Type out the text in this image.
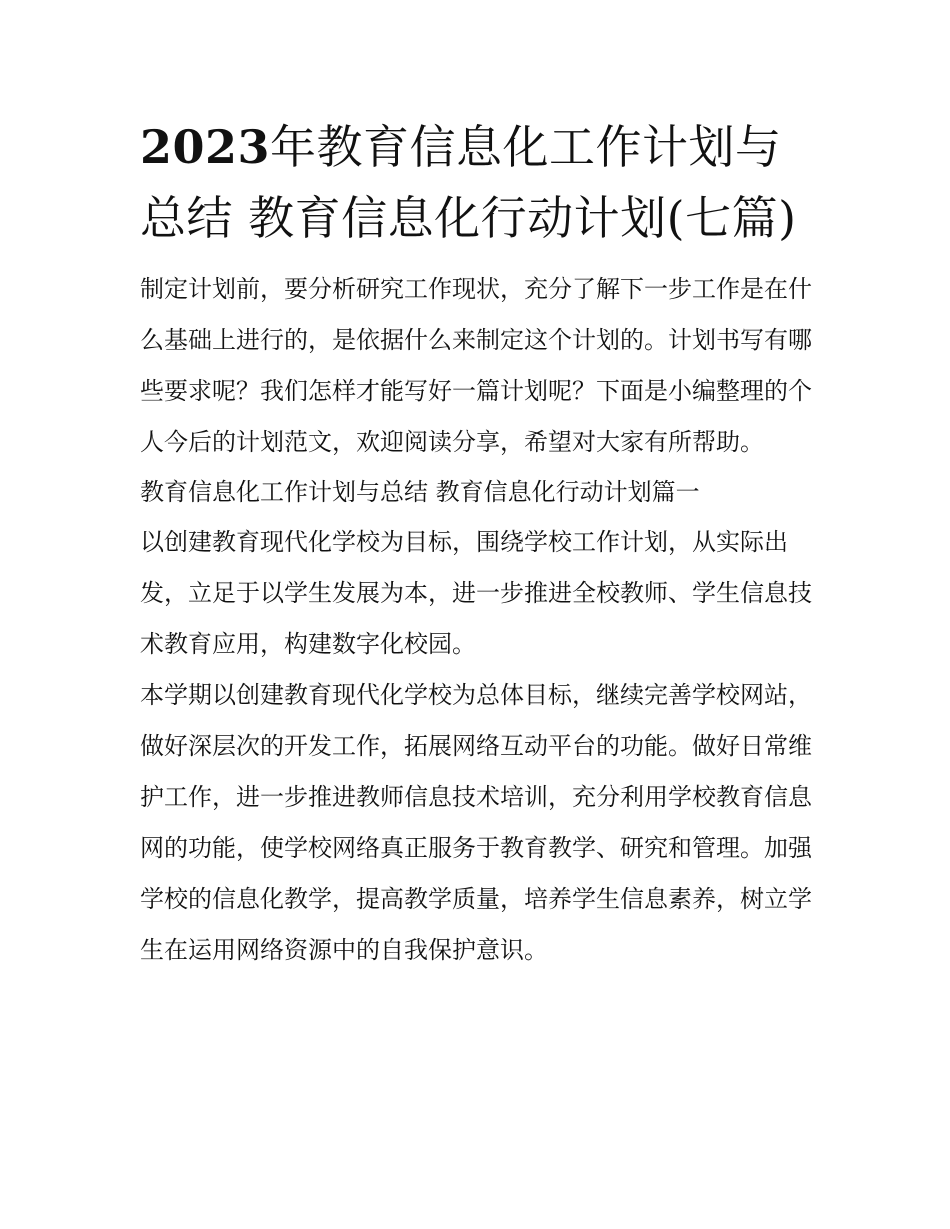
2023年教育信息化工作计划与总结 教育信息化行动计划(七篇)

制定计划前，要分析研究工作现状，充分了解下一步工作是在什么基础上进行的，是依据什么来制定这个计划的。计划书写有哪些要求呢？我们怎样才能写好一篇计划呢？下面是小编整理的个人今后的计划范文，欢迎阅读分享，希望对大家有所帮助。

教育信息化工作计划与总结 教育信息化行动计划篇一

以创建教育现代化学校为目标，围绕学校工作计划，从实际出发，立足于以学生发展为本，进一步推进全校教师、学生信息技术教育应用，构建数字化校园。

本学期以创建教育现代化学校为总体目标，继续完善学校网站，做好深层次的开发工作，拓展网络互动平台的功能。做好日常维护工作，进一步推进教师信息技术培训，充分利用学校教育信息网的功能，使学校网络真正服务于教育教学、研究和管理。加强学校的信息化教学，提高教学质量，培养学生信息素养，树立学生在运用网络资源中的自我保护意识。
